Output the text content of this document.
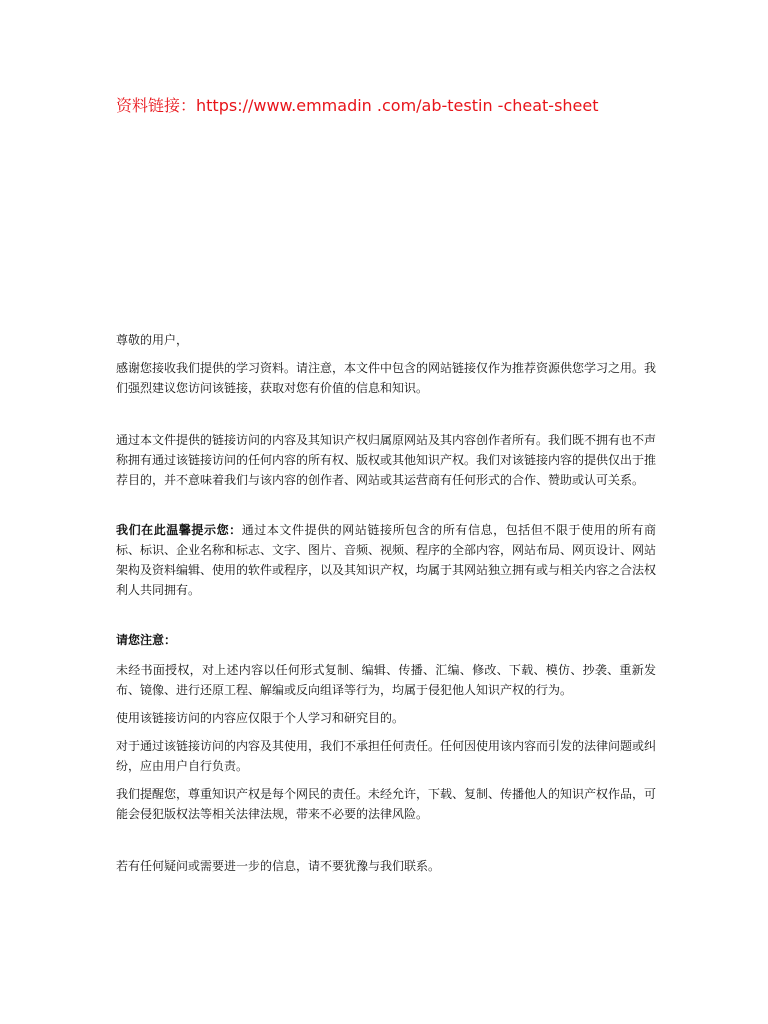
资料链接：https://www.emmadin .com/ab-testin -cheat-sheet

尊敬的用户，

感谢您接收我们提供的学习资料。请注意，本文件中包含的网站链接仅作为推荐资源供您学习之用。我们强烈建议您访问该链接，获取对您有价值的信息和知识。

通过本文件提供的链接访问的内容及其知识产权归属原网站及其内容创作者所有。我们既不拥有也不声称拥有通过该链接访问的任何内容的所有权、版权或其他知识产权。我们对该链接内容的提供仅出于推荐目的，并不意味着我们与该内容的创作者、网站或其运营商有任何形式的合作、赞助或认可关系。

我们在此温馨提示您：通过本文件提供的网站链接所包含的所有信息，包括但不限于使用的所有商标、标识、企业名称和标志、文字、图片、音频、视频、程序的全部内容，网站布局、网页设计、网站架构及资料编辑、使用的软件或程序，以及其知识产权，均属于其网站独立拥有或与相关内容之合法权利人共同拥有。

请您注意：

未经书面授权，对上述内容以任何形式复制、编辑、传播、汇编、修改、下载、模仿、抄袭、重新发布、镜像、进行还原工程、解编或反向组译等行为，均属于侵犯他人知识产权的行为。

使用该链接访问的内容应仅限于个人学习和研究目的。

对于通过该链接访问的内容及其使用，我们不承担任何责任。任何因使用该内容而引发的法律问题或纠纷，应由用户自行负责。

我们提醒您，尊重知识产权是每个网民的责任。未经允许，下载、复制、传播他人的知识产权作品，可能会侵犯版权法等相关法律法规，带来不必要的法律风险。

若有任何疑问或需要进一步的信息，请不要犹豫与我们联系。
